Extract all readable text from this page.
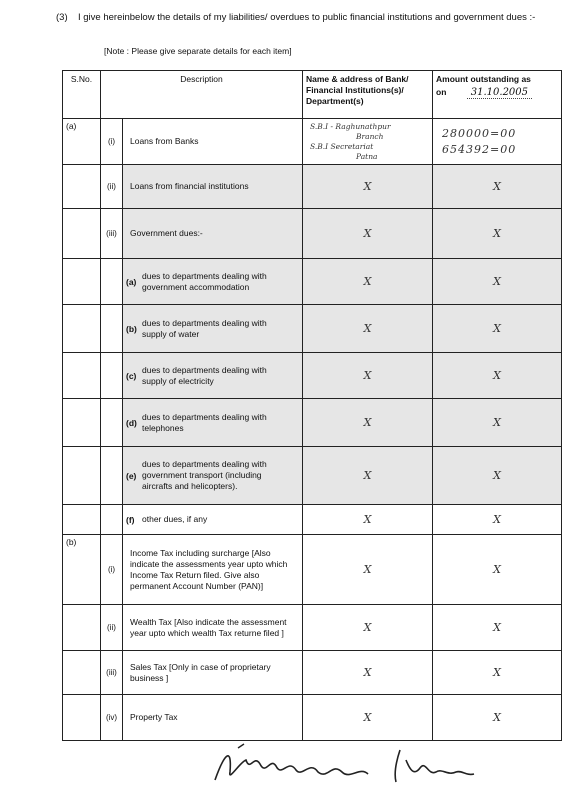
(3) I give hereinbelow the details of my liabilities/ overdues to public financial institutions and government dues :-
[Note : Please give separate details for each item]
S.No.	Description		Name & address of Bank/ Financial Institutions(s)/ Department(s)	Amount outstanding as
on 31.10.2005

(a)	(i)	Loans from Banks	S.B.I - Raghunathpur
Branch
S.B.I Secretariat
Patna	280000=00
654392=00

	(ii)	Loans from financial institutions	X	X
	(iii)	Government dues:-	X	X
		(a)dues to departments dealing with government accommodation	X	X
		(b)dues to departments dealing with supply of water	X	X
		(c)dues to departments dealing with supply of electricity	X	X
		(d)dues to departments dealing with telephones	X	X
		(e)dues to departments dealing with government transport (including aircrafts and helicopters).	X	X
		(f) other dues, if any	X	X
(b)	(i)	Income Tax including surcharge [Also indicate the assessments year upto which Income Tax Return filed. Give also permanent Account Number (PAN)]	X	X
	(ii)	Wealth Tax [Also indicate the assessment year upto which wealth Tax returne filed ]	X	X
	(iii)	Sales Tax [Only in case of proprietary business ]	X	X
	(iv)	Property Tax	X	X
